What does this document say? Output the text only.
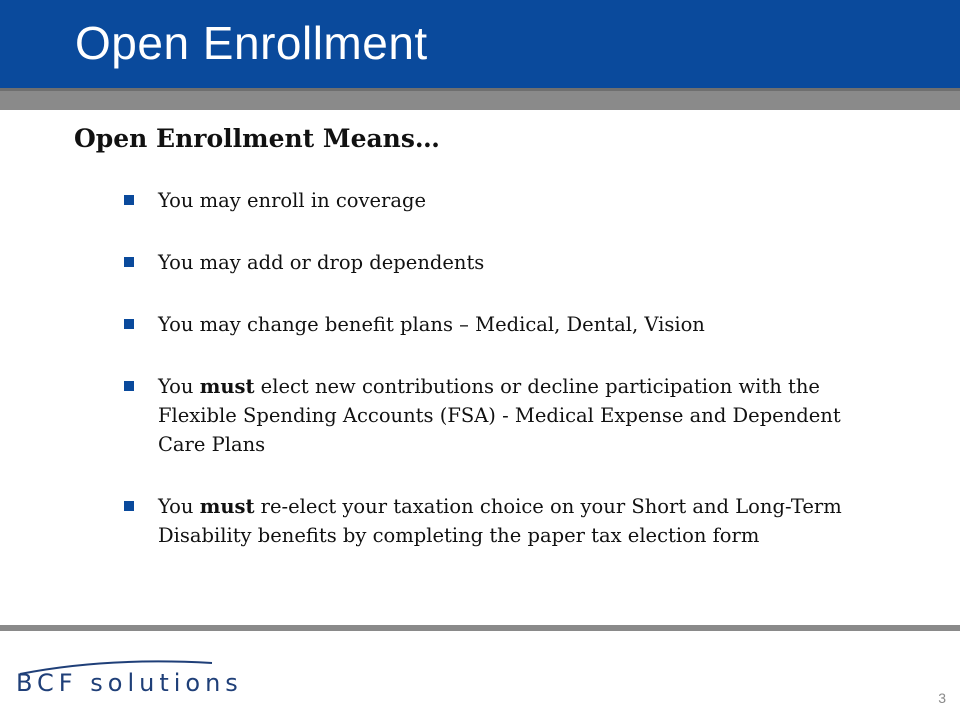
Open Enrollment
Open Enrollment Means…
You may enroll in coverage
You may add or drop dependents
You may change benefit plans – Medical, Dental, Vision
You must elect new contributions or decline participation with the Flexible Spending Accounts (FSA) - Medical Expense and Dependent Care Plans
You must re-elect your taxation choice on your Short and Long-Term Disability benefits by completing the paper tax election form
BCF solutions
3
